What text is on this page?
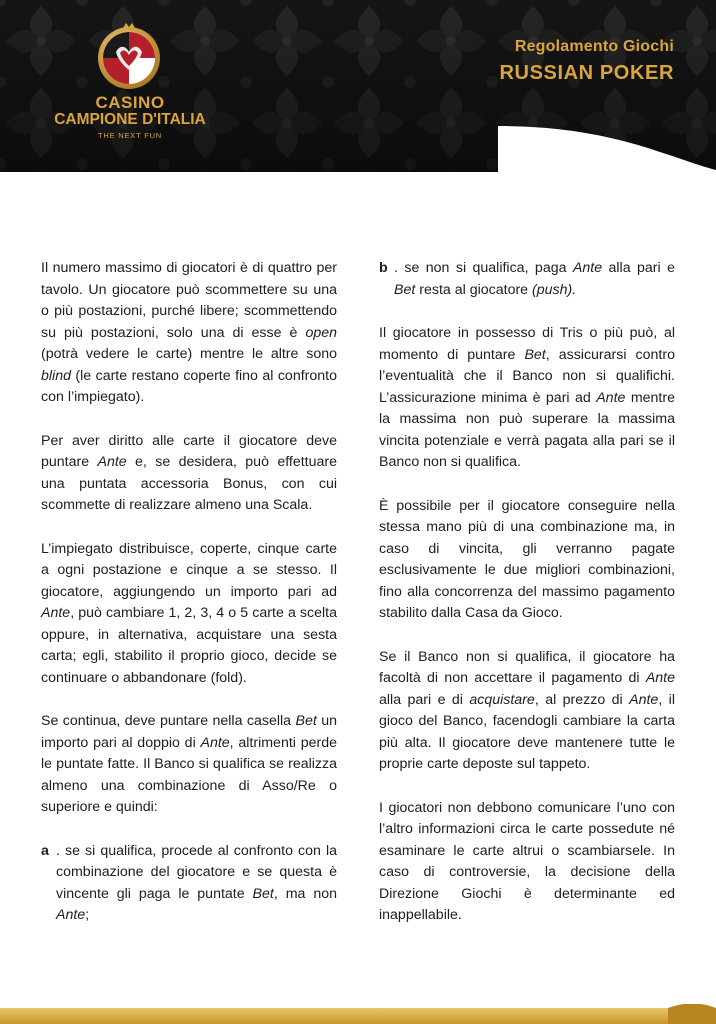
CASINO
CAMPIONE D'ITALIA
THE NEXT FUN
Regolamento Giochi
RUSSIAN POKER

Il numero massimo di giocatori è di quattro per tavolo. Un giocatore può scommettere su una o più postazioni, purché libere; scommettendo su più postazioni, solo una di esse è open (potrà vedere le carte) mentre le altre sono blind (le carte restano coperte fino al confronto con l’impiegato).

Per aver diritto alle carte il giocatore deve puntare Ante e, se desidera, può effettuare una puntata accessoria Bonus, con cui scommette di realizzare almeno una Scala.

L’impiegato distribuisce, coperte, cinque carte a ogni postazione e cinque a se stesso. Il giocatore, aggiungendo un importo pari ad Ante, può cambiare 1, 2, 3, 4 o 5 carte a scelta oppure, in alternativa, acquistare una sesta carta; egli, stabilito il proprio gioco, decide se continuare o abbandonare (fold).

Se continua, deve puntare nella casella Bet un importo pari al doppio di Ante, altrimenti perde le puntate fatte. Il Banco si qualifica se realizza almeno una combinazione di Asso/Re o superiore e quindi:

a . se si qualifica, procede al confronto con la combinazione del giocatore e se questa è vincente gli paga le puntate Bet, ma non Ante;
b . se non si qualifica, paga Ante alla pari e Bet resta al giocatore (push).

Il giocatore in possesso di Tris o più può, al momento di puntare Bet, assicurarsi contro l’eventualità che il Banco non si qualifichi. L’assicurazione minima è pari ad Ante mentre la massima non può superare la massima vincita potenziale e verrà pagata alla pari se il Banco non si qualifica.

È possibile per il giocatore conseguire nella stessa mano più di una combinazione ma, in caso di vincita, gli verranno pagate esclusivamente le due migliori combinazioni, fino alla concorrenza del massimo pagamento stabilito dalla Casa da Gioco.

Se il Banco non si qualifica, il giocatore ha facoltà di non accettare il pagamento di Ante alla pari e di acquistare, al prezzo di Ante, il gioco del Banco, facendogli cambiare la carta più alta. Il giocatore deve mantenere tutte le proprie carte deposte sul tappeto.

I giocatori non debbono comunicare l’uno con l’altro informazioni circa le carte possedute né esaminare le carte altrui o scambiarsele. In caso di controversie, la decisione della Direzione Giochi è determinante ed inappellabile.
